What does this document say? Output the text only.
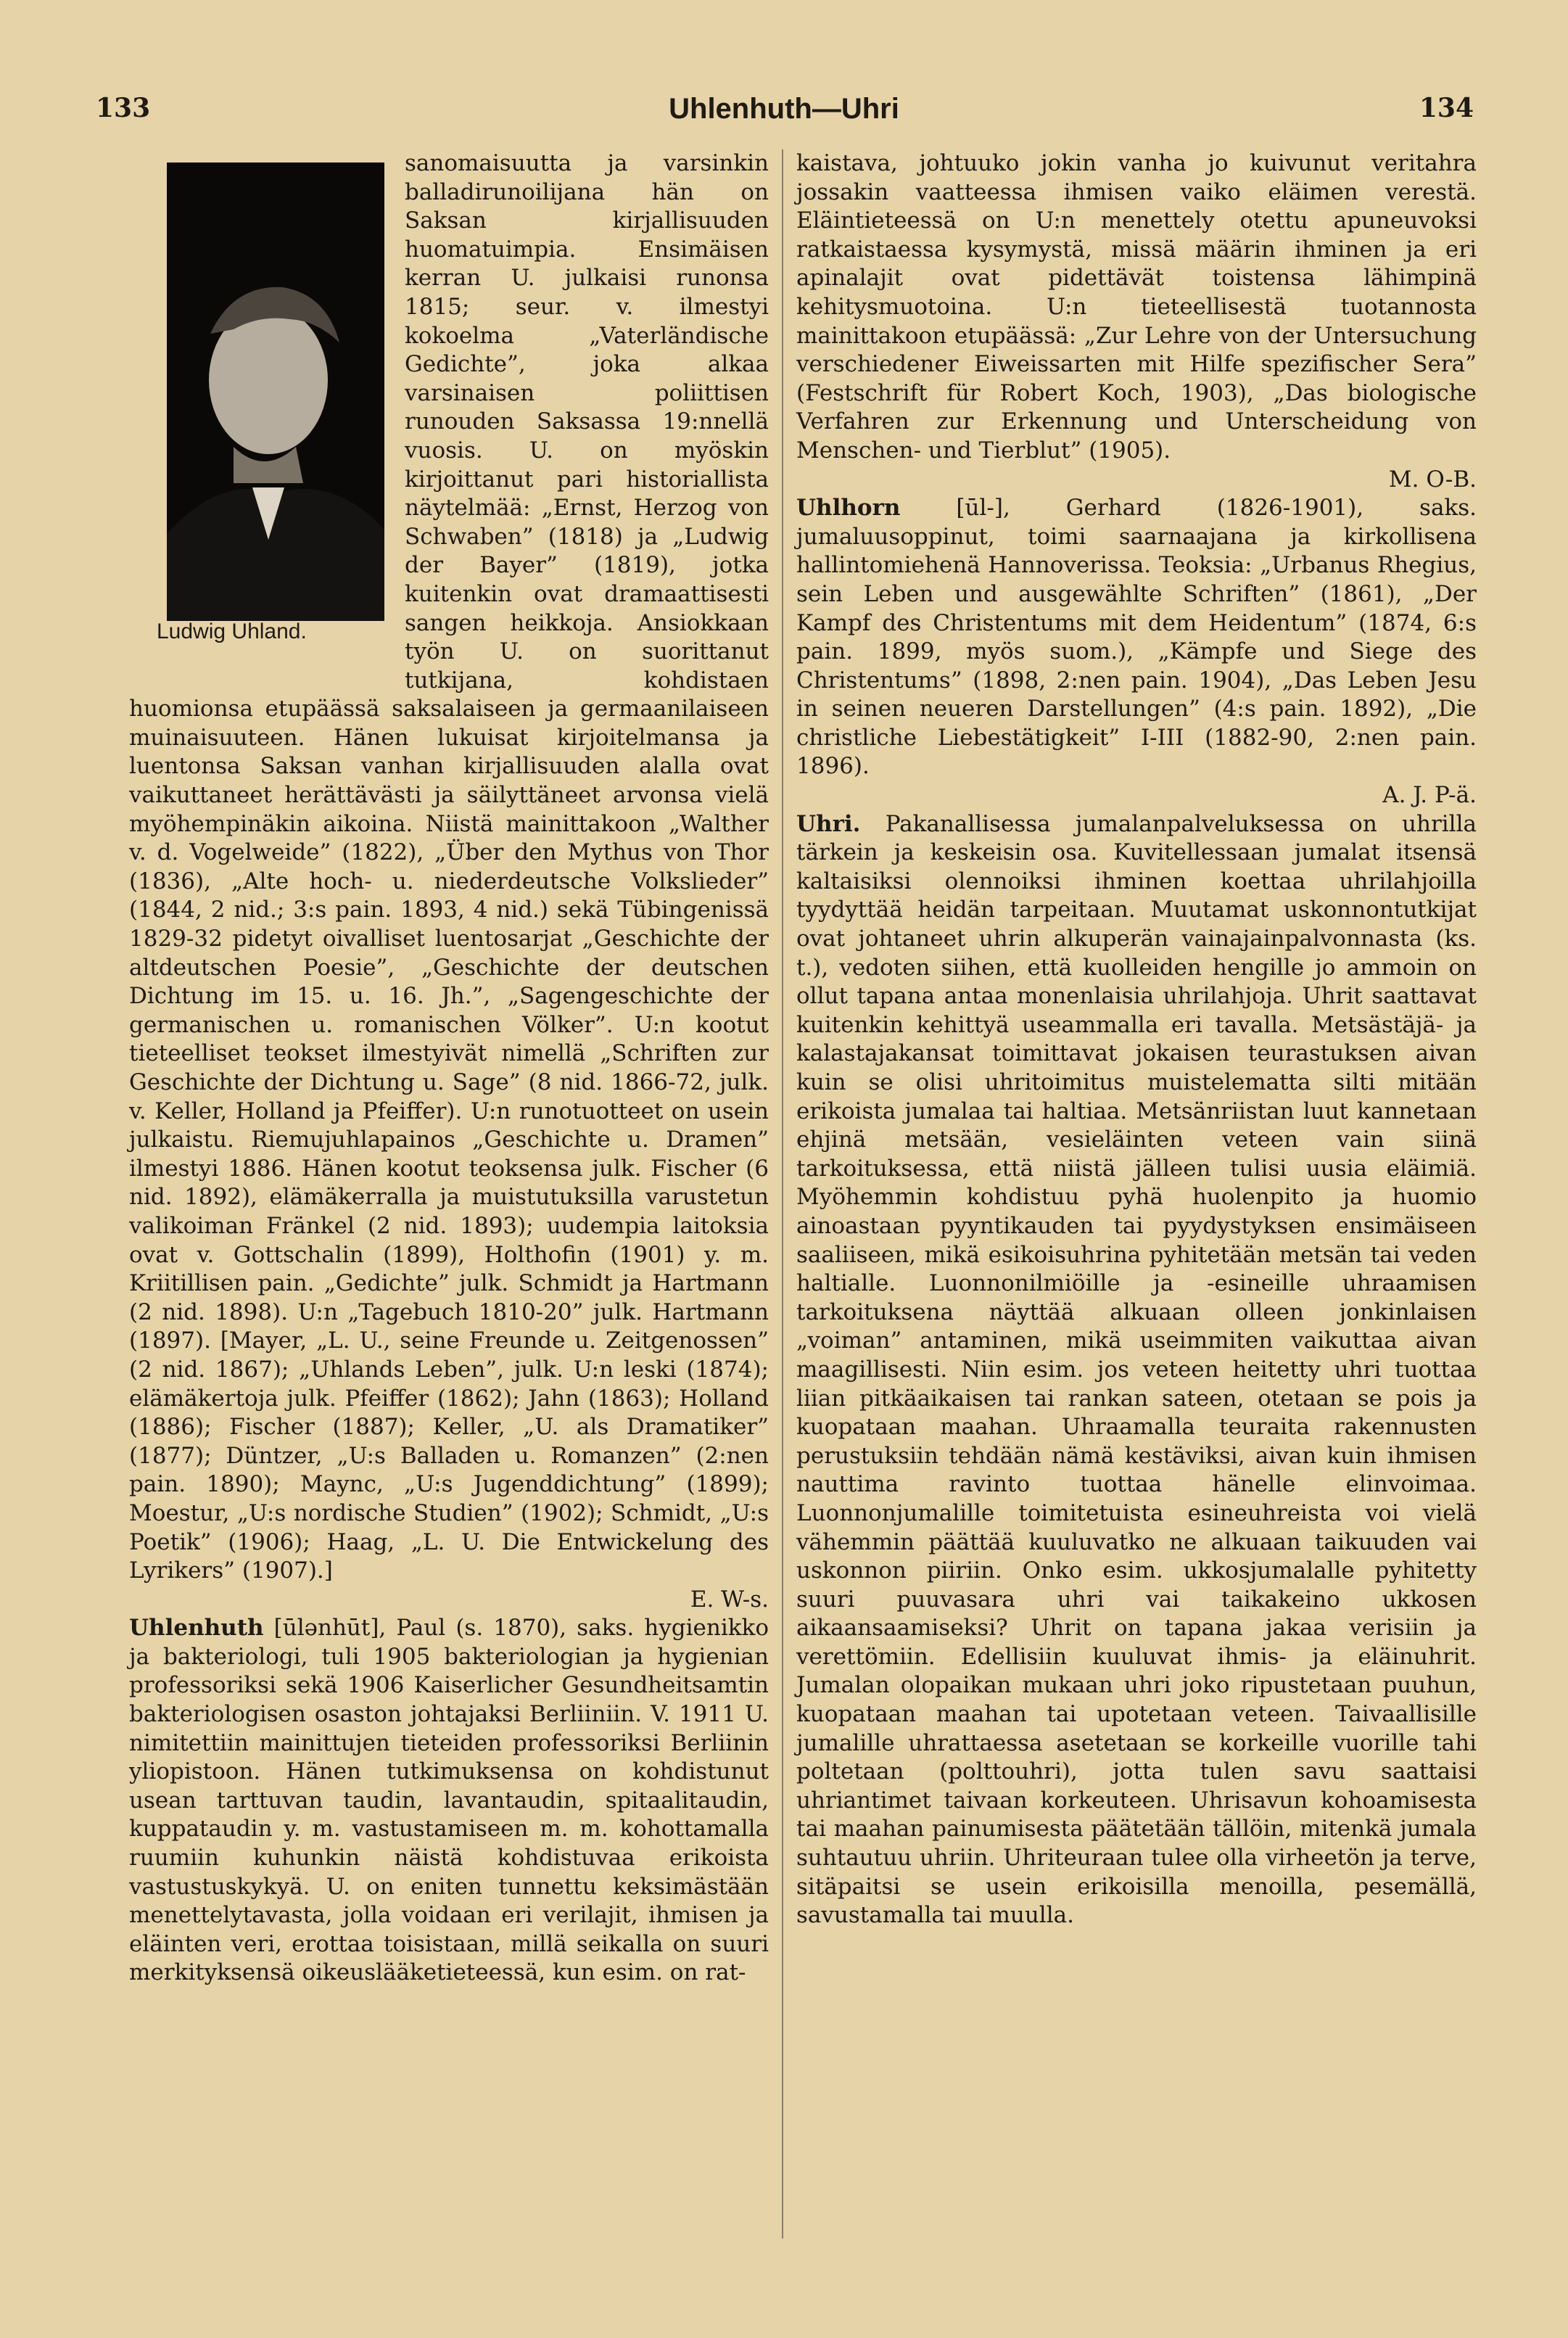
133	Uhlenhuth—Uhri	134
Ludwig Uhland.

sanomaisuutta ja varsinkin balladirunoilijana hän on Saksan kirjallisuuden huomatuimpia. Ensimäisen kerran U. julkaisi runonsa 1815; seur. v. ilmestyi kokoelma „Vaterländische Gedichte”, joka alkaa varsinaisen poliittisen runouden Saksassa 19:nnellä vuosis. U. on myöskin kirjoittanut pari historiallista näytelmää: „Ernst, Herzog von Schwaben” (1818) ja „Ludwig der Bayer” (1819), jotka kuitenkin ovat dramaattisesti sangen heikkoja. Ansiokkaan työn U. on suorittanut tutkijana, kohdistaen huomionsa etupäässä saksalaiseen ja germaanilaiseen muinaisuuteen. Hänen lukuisat kirjoitelmansa ja luentonsa Saksan vanhan kirjallisuuden alalla ovat vaikuttaneet herättävästi ja säilyttäneet arvonsa vielä myöhempinäkin aikoina. Niistä mainittakoon „Walther v. d. Vogelweide” (1822), „Über den Mythus von Thor (1836), „Alte hoch- u. niederdeutsche Volkslieder” (1844, 2 nid.; 3:s pain. 1893, 4 nid.) sekä Tübingenissä 1829-32 pidetyt oivalliset luentosarjat „Geschichte der altdeutschen Poesie”, „Geschichte der deutschen Dichtung im 15. u. 16. Jh.”, „Sagengeschichte der germanischen u. romanischen Völker”. U:n kootut tieteelliset teokset ilmestyivät nimellä „Schriften zur Geschichte der Dichtung u. Sage” (8 nid. 1866-72, julk. v. Keller, Holland ja Pfeiffer). U:n runotuotteet on usein julkaistu. Riemujuhlapainos „Geschichte u. Dramen” ilmestyi 1886. Hänen kootut teoksensa julk. Fischer (6 nid. 1892), elämäkerralla ja muistutuksilla varustetun valikoiman Fränkel (2 nid. 1893); uudempia laitoksia ovat v. Gottschalin (1899), Holthofin (1901) y. m. Kriitillisen pain. „Gedichte” julk. Schmidt ja Hartmann (2 nid. 1898). U:n „Tagebuch 1810-20” julk. Hartmann (1897). [Mayer, „L. U., seine Freunde u. Zeitgenossen” (2 nid. 1867); „Uhlands Leben”, julk. U:n leski (1874); elämäkertoja julk. Pfeiffer (1862); Jahn (1863); Holland (1886); Fischer (1887); Keller, „U. als Dramatiker” (1877); Düntzer, „U:s Balladen u. Romanzen” (2:nen pain. 1890); Maync, „U:s Jugenddichtung” (1899); Moestur, „U:s nordische Studien” (1902); Schmidt, „U:s Poetik” (1906); Haag, „L. U. Die Entwickelung des Lyrikers” (1907).]

E. W-s.

Uhlenhuth [ūlənhūt], Paul (s. 1870), saks. hygienikko ja bakteriologi, tuli 1905 bakteriologian ja hygienian professoriksi sekä 1906 Kaiserlicher Gesundheitsamtin bakteriologisen osaston johtajaksi Berliiniin. V. 1911 U. nimitettiin mainittujen tieteiden professoriksi Berliinin yliopistoon. Hänen tutkimuksensa on kohdistunut usean tarttuvan taudin, lavantaudin, spitaalitaudin, kuppataudin y. m. vastustamiseen m. m. kohottamalla ruumiin kuhunkin näistä kohdistuvaa erikoista vastustuskykyä. U. on eniten tunnettu keksimästään menettelytavasta, jolla voidaan eri verilajit, ihmisen ja eläinten veri, erottaa toisistaan, millä seikalla on suuri merkityksensä oikeuslääketieteessä, kun esim. on rat-

kaistava, johtuuko jokin vanha jo kuivunut veritahra jossakin vaatteessa ihmisen vaiko eläimen verestä. Eläintieteessä on U:n menettely otettu apuneuvoksi ratkaistaessa kysymystä, missä määrin ihminen ja eri apinalajit ovat pidettävät toistensa lähimpinä kehitysmuotoina. U:n tieteellisestä tuotannosta mainittakoon etupäässä: „Zur Lehre von der Untersuchung verschiedener Eiweissarten mit Hilfe spezifischer Sera” (Festschrift für Robert Koch, 1903), „Das biologische Verfahren zur Erkennung und Unterscheidung von Menschen- und Tierblut” (1905).

M. O-B.

Uhlhorn [ūl-], Gerhard (1826-1901), saks. jumaluusoppinut, toimi saarnaajana ja kirkollisena hallintomiehenä Hannoverissa. Teoksia: „Urbanus Rhegius, sein Leben und ausgewählte Schriften” (1861), „Der Kampf des Christentums mit dem Heidentum” (1874, 6:s pain. 1899, myös suom.), „Kämpfe und Siege des Christentums” (1898, 2:nen pain. 1904), „Das Leben Jesu in seinen neueren Darstellungen” (4:s pain. 1892), „Die christliche Liebestätigkeit” I-III (1882-90, 2:nen pain. 1896).

A. J. P-ä.

Uhri. Pakanallisessa jumalanpalveluksessa on uhrilla tärkein ja keskeisin osa. Kuvitellessaan jumalat itsensä kaltaisiksi olennoiksi ihminen koettaa uhrilahjoilla tyydyttää heidän tarpeitaan. Muutamat uskonnontutkijat ovat johtaneet uhrin alkuperän vainajainpalvonnasta (ks. t.), vedoten siihen, että kuolleiden hengille jo ammoin on ollut tapana antaa monenlaisia uhrilahjoja. Uhrit saattavat kuitenkin kehittyä useammalla eri tavalla. Metsästäjä- ja kalastajakansat toimittavat jokaisen teurastuksen aivan kuin se olisi uhritoimitus muistelematta silti mitään erikoista jumalaa tai haltiaa. Metsänriistan luut kannetaan ehjinä metsään, vesieläinten veteen vain siinä tarkoituksessa, että niistä jälleen tulisi uusia eläimiä. Myöhemmin kohdistuu pyhä huolenpito ja huomio ainoastaan pyyntikauden tai pyydystyksen ensimäiseen saaliiseen, mikä esikoisuhrina pyhitetään metsän tai veden haltialle. Luonnonilmiöille ja -esineille uhraamisen tarkoituksena näyttää alkuaan olleen jonkinlaisen „voiman” antaminen, mikä useimmiten vaikuttaa aivan maagillisesti. Niin esim. jos veteen heitetty uhri tuottaa liian pitkäaikaisen tai rankan sateen, otetaan se pois ja kuopataan maahan. Uhraamalla teuraita rakennusten perustuksiin tehdään nämä kestäviksi, aivan kuin ihmisen nauttima ravinto tuottaa hänelle elinvoimaa. Luonnonjumalille toimitetuista esineuhreista voi vielä vähemmin päättää kuuluvatko ne alkuaan taikuuden vai uskonnon piiriin. Onko esim. ukkosjumalalle pyhitetty suuri puuvasara uhri vai taikakeino ukkosen aikaansaamiseksi? Uhrit on tapana jakaa verisiin ja verettömiin. Edellisiin kuuluvat ihmis- ja eläinuhrit. Jumalan olopaikan mukaan uhri joko ripustetaan puuhun, kuopataan maahan tai upotetaan veteen. Taivaallisille jumalille uhrattaessa asetetaan se korkeille vuorille tahi poltetaan (polttouhri), jotta tulen savu saattaisi uhriantimet taivaan korkeuteen. Uhrisavun kohoamisesta tai maahan painumisesta päätetään tällöin, mitenkä jumala suhtautuu uhriin. Uhriteuraan tulee olla virheetön ja terve, sitäpaitsi se usein erikoisilla menoilla, pesemällä, savustamalla tai muulla.
